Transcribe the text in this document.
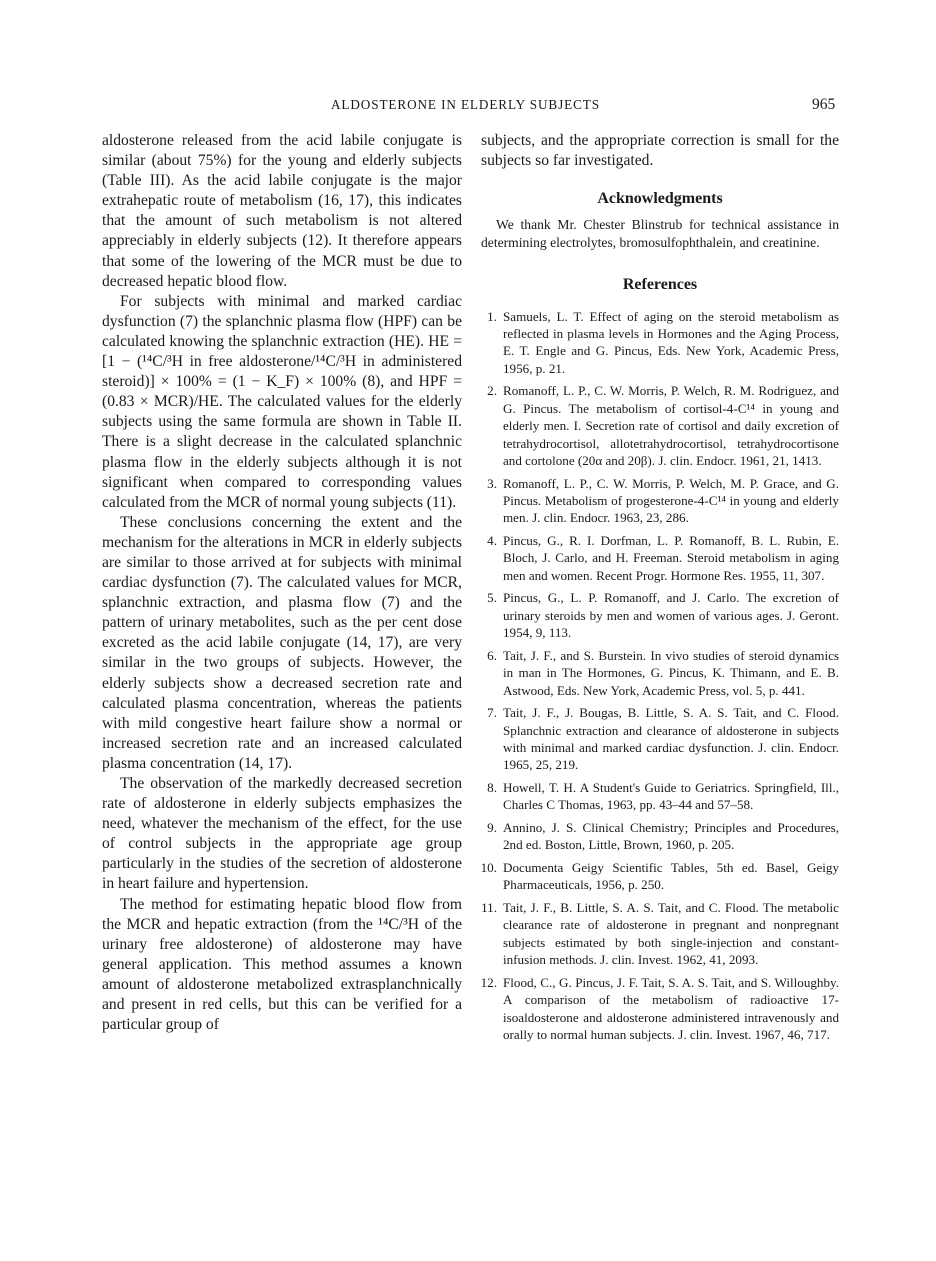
ALDOSTERONE IN ELDERLY SUBJECTS	965

aldosterone released from the acid labile conjugate is similar (about 75%) for the young and elderly subjects (Table III). As the acid labile conjugate is the major extrahepatic route of metabolism (16, 17), this indicates that the amount of such metabolism is not altered appreciably in elderly subjects (12). It therefore appears that some of the lowering of the MCR must be due to decreased hepatic blood flow.

For subjects with minimal and marked cardiac dysfunction (7) the splanchnic plasma flow (HPF) can be calculated knowing the splanchnic extraction (HE). HE = [1 − (¹⁴C/³H in free aldosterone/¹⁴C/³H in administered steroid)] × 100% = (1 − K_F) × 100% (8), and HPF = (0.83 × MCR)/HE. The calculated values for the elderly subjects using the same formula are shown in Table II. There is a slight decrease in the calculated splanchnic plasma flow in the elderly subjects although it is not significant when compared to corresponding values calculated from the MCR of normal young subjects (11).

These conclusions concerning the extent and the mechanism for the alterations in MCR in elderly subjects are similar to those arrived at for subjects with minimal cardiac dysfunction (7). The calculated values for MCR, splanchnic extraction, and plasma flow (7) and the pattern of urinary metabolites, such as the per cent dose excreted as the acid labile conjugate (14, 17), are very similar in the two groups of subjects. However, the elderly subjects show a decreased secretion rate and calculated plasma concentration, whereas the patients with mild congestive heart failure show a normal or increased secretion rate and an increased calculated plasma concentration (14, 17).

The observation of the markedly decreased secretion rate of aldosterone in elderly subjects emphasizes the need, whatever the mechanism of the effect, for the use of control subjects in the appropriate age group particularly in the studies of the secretion of aldosterone in heart failure and hypertension.

The method for estimating hepatic blood flow from the MCR and hepatic extraction (from the ¹⁴C/³H of the urinary free aldosterone) of aldosterone may have general application. This method assumes a known amount of aldosterone metabolized extrasplanchnically and present in red cells, but this can be verified for a particular group of

subjects, and the appropriate correction is small for the subjects so far investigated.

Acknowledgments

We thank Mr. Chester Blinstrub for technical assistance in determining electrolytes, bromosulfophthalein, and creatinine.

References
1 . Samuels, L. T. Effect of aging on the steroid metabolism as reflected in plasma levels in Hormones and the Aging Process, E. T. Engle and G. Pincus, Eds. New York, Academic Press, 1956, p. 21.
2 . Romanoff, L. P., C. W. Morris, P. Welch, R. M. Rodriguez, and G. Pincus. The metabolism of cortisol-4-C¹⁴ in young and elderly men. I. Secretion rate of cortisol and daily excretion of tetrahydrocortisol, allotetrahydrocortisol, tetrahydrocortisone and cortolone (20α and 20β). J. clin. Endocr. 1961, 21, 1413.
3 . Romanoff, L. P., C. W. Morris, P. Welch, M. P. Grace, and G. Pincus. Metabolism of progesterone-4-C¹⁴ in young and elderly men. J. clin. Endocr. 1963, 23, 286.
4 . Pincus, G., R. I. Dorfman, L. P. Romanoff, B. L. Rubin, E. Bloch, J. Carlo, and H. Freeman. Steroid metabolism in aging men and women. Recent Progr. Hormone Res. 1955, 11, 307.
5 . Pincus, G., L. P. Romanoff, and J. Carlo. The excretion of urinary steroids by men and women of various ages. J. Geront. 1954, 9, 113.
6 . Tait, J. F., and S. Burstein. In vivo studies of steroid dynamics in man in The Hormones, G. Pincus, K. Thimann, and E. B. Astwood, Eds. New York, Academic Press, vol. 5, p. 441.
7 . Tait, J. F., J. Bougas, B. Little, S. A. S. Tait, and C. Flood. Splanchnic extraction and clearance of aldosterone in subjects with minimal and marked cardiac dysfunction. J. clin. Endocr. 1965, 25, 219.
8 . Howell, T. H. A Student's Guide to Geriatrics. Springfield, Ill., Charles C Thomas, 1963, pp. 43–44 and 57–58.
9 . Annino, J. S. Clinical Chemistry; Principles and Procedures, 2nd ed. Boston, Little, Brown, 1960, p. 205.
10 . Documenta Geigy Scientific Tables, 5th ed. Basel, Geigy Pharmaceuticals, 1956, p. 250.
11 . Tait, J. F., B. Little, S. A. S. Tait, and C. Flood. The metabolic clearance rate of aldosterone in pregnant and nonpregnant subjects estimated by both single-injection and constant-infusion methods. J. clin. Invest. 1962, 41, 2093.
12 . Flood, C., G. Pincus, J. F. Tait, S. A. S. Tait, and S. Willoughby. A comparison of the metabolism of radioactive 17-isoaldosterone and aldosterone administered intravenously and orally to normal human subjects. J. clin. Invest. 1967, 46, 717.
